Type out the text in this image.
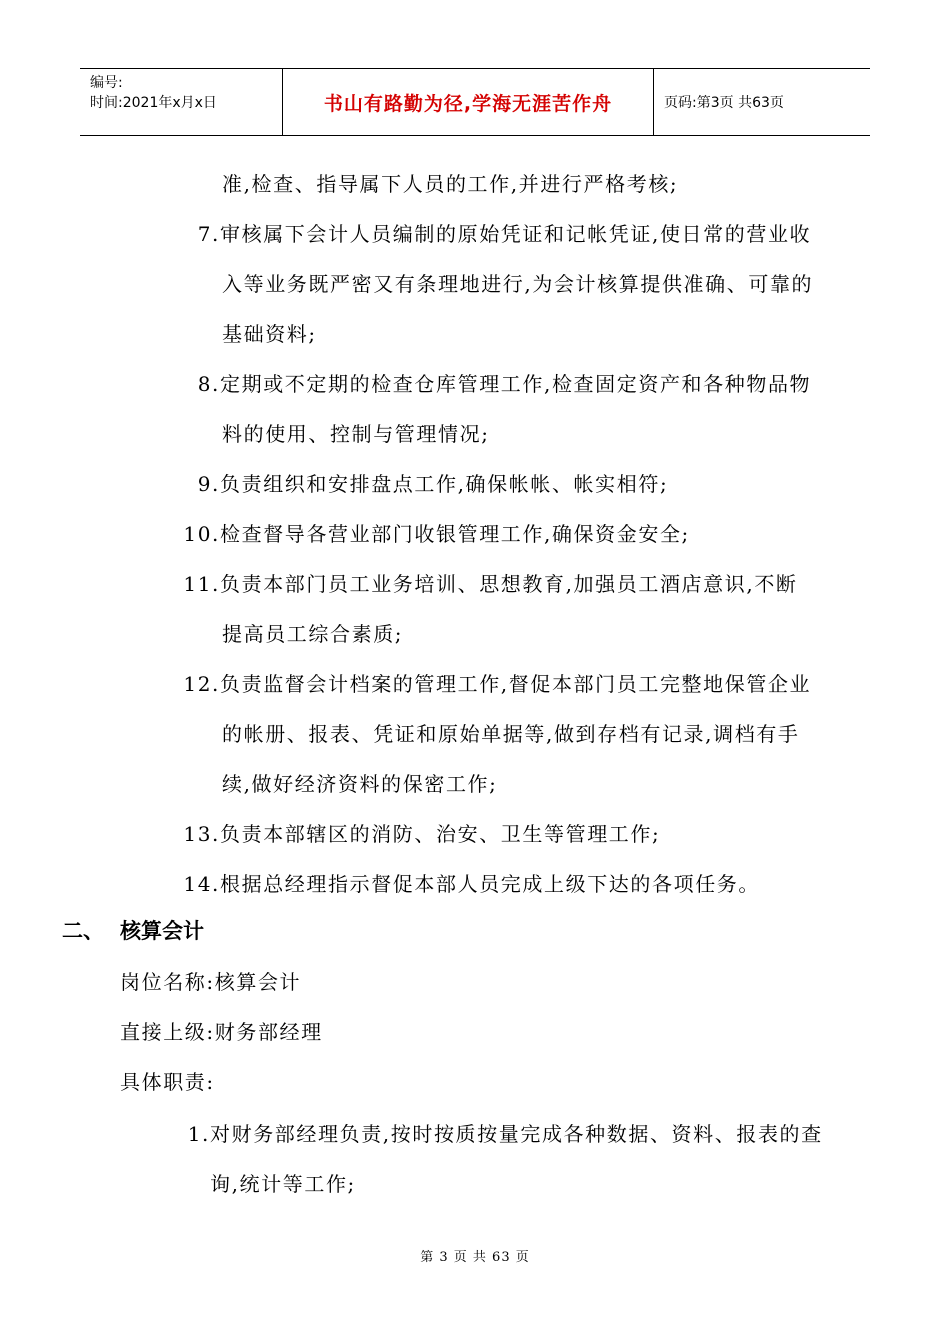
编号:
时间:2021年x月x日	书山有路勤为径,学海无涯苦作舟	页码:第3页 共63页
准,检查、指导属下人员的工作,并进行严格考核;
7.审核属下会计人员编制的原始凭证和记帐凭证,使日常的营业收
入等业务既严密又有条理地进行,为会计核算提供准确、可靠的
基础资料;
8.定期或不定期的检查仓库管理工作,检查固定资产和各种物品物
料的使用、控制与管理情况;
9.负责组织和安排盘点工作,确保帐帐、帐实相符;
10.检查督导各营业部门收银管理工作,确保资金安全;
11.负责本部门员工业务培训、思想教育,加强员工酒店意识,不断
提高员工综合素质;
12.负责监督会计档案的管理工作,督促本部门员工完整地保管企业
的帐册、报表、凭证和原始单据等,做到存档有记录,调档有手
续,做好经济资料的保密工作;
13.负责本部辖区的消防、治安、卫生等管理工作;
14.根据总经理指示督促本部人员完成上级下达的各项任务。
二、 核算会计
岗位名称:核算会计
直接上级:财务部经理
具体职责:
1.对财务部经理负责,按时按质按量完成各种数据、资料、报表的查
询,统计等工作;
第 3 页 共 63 页
